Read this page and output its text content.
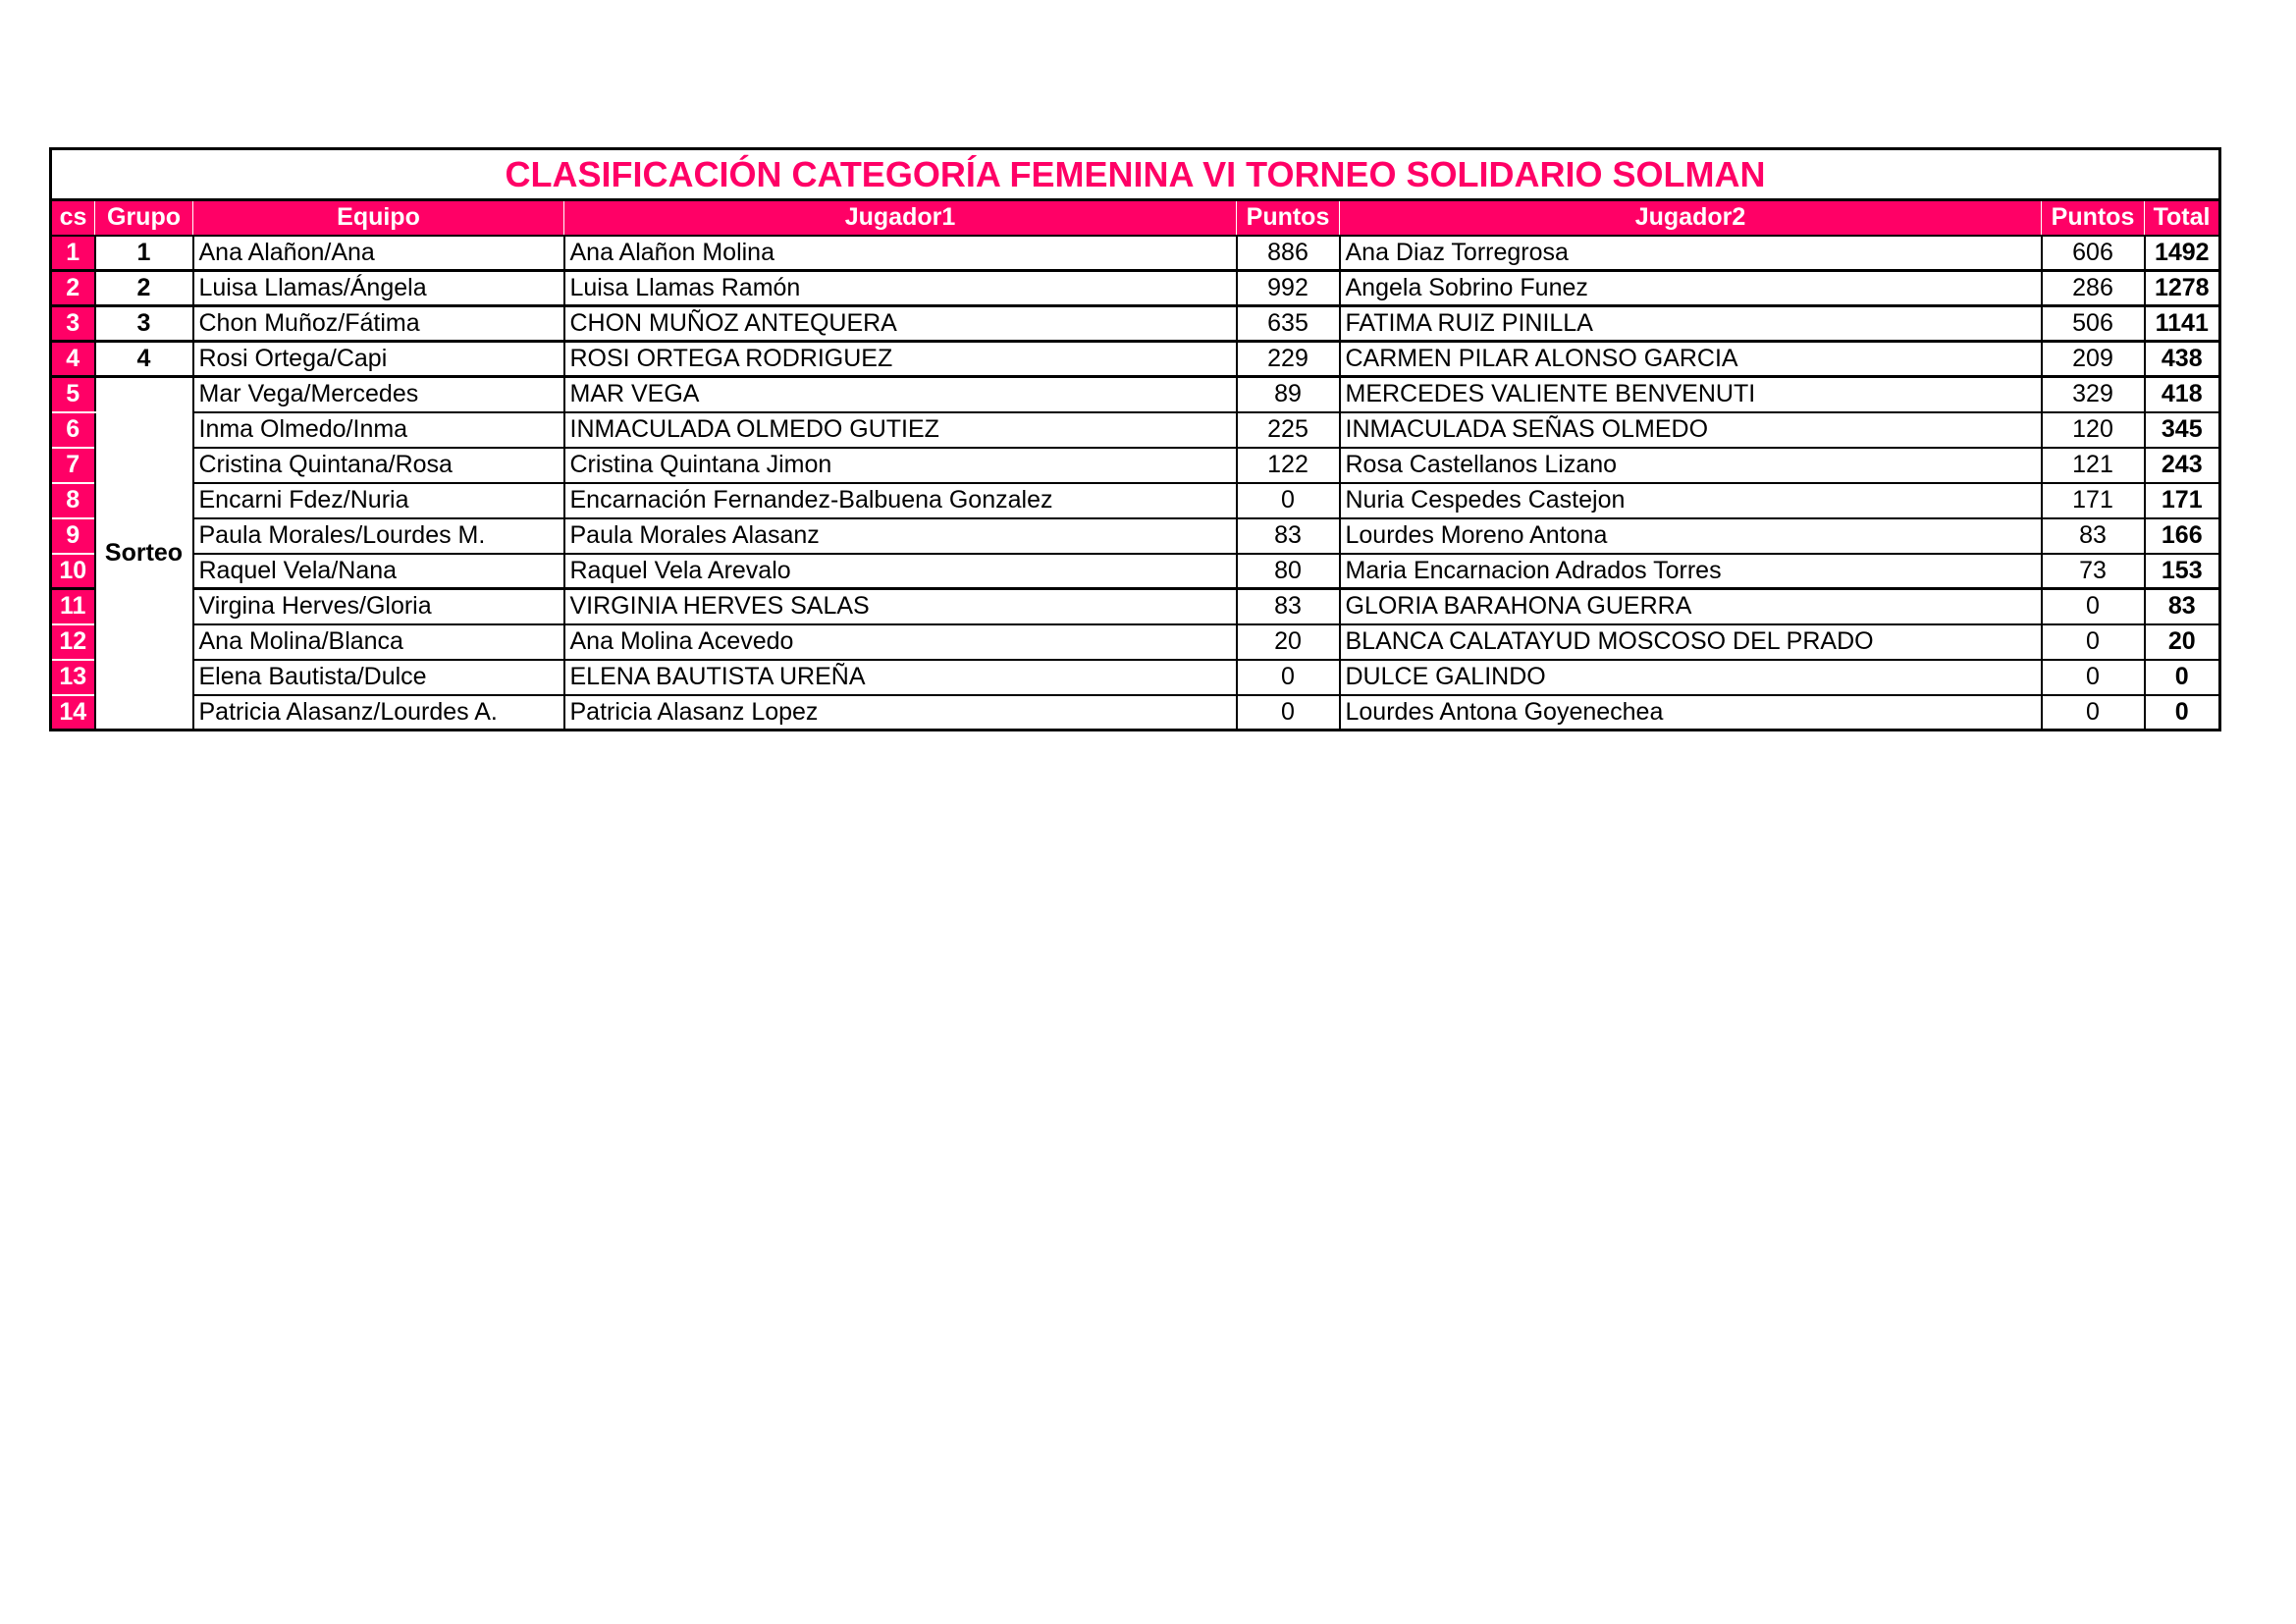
CLASIFICACIÓN CATEGORÍA FEMENINA VI TORNEO SOLIDARIO SOLMAN							
cs	Grupo	Equipo	Jugador1	Puntos	Jugador2	Puntos	Total
1	1	Ana Alañon/Ana	Ana Alañon Molina	886	Ana Diaz Torregrosa	606	1492
2	2	Luisa Llamas/Ángela	Luisa Llamas Ramón	992	Angela Sobrino Funez	286	1278
3	3	Chon Muñoz/Fátima	CHON MUÑOZ ANTEQUERA	635	FATIMA RUIZ PINILLA	506	1141
4	4	Rosi Ortega/Capi	ROSI ORTEGA RODRIGUEZ	229	CARMEN PILAR ALONSO GARCIA	209	438
5	Sorteo	Mar Vega/Mercedes	MAR VEGA	89	MERCEDES VALIENTE BENVENUTI	329	418
6		Inma Olmedo/Inma	INMACULADA OLMEDO GUTIEZ	225	INMACULADA SEÑAS OLMEDO	120	345
7		Cristina Quintana/Rosa	Cristina Quintana Jimon	122	Rosa Castellanos Lizano	121	243
8		Encarni Fdez/Nuria	Encarnación Fernandez-Balbuena Gonzalez	0	Nuria Cespedes Castejon	171	171
9		Paula Morales/Lourdes M.	Paula Morales Alasanz	83	Lourdes Moreno Antona	83	166
10		Raquel Vela/Nana	Raquel Vela Arevalo	80	Maria Encarnacion Adrados Torres	73	153
11		Virgina Herves/Gloria	VIRGINIA HERVES SALAS	83	GLORIA BARAHONA GUERRA	0	83
12		Ana Molina/Blanca	Ana Molina Acevedo	20	BLANCA CALATAYUD MOSCOSO DEL PRADO	0	20
13		Elena Bautista/Dulce	ELENA BAUTISTA UREÑA	0	DULCE GALINDO	0	0
14		Patricia Alasanz/Lourdes A.	Patricia Alasanz Lopez	0	Lourdes Antona Goyenechea	0	0
